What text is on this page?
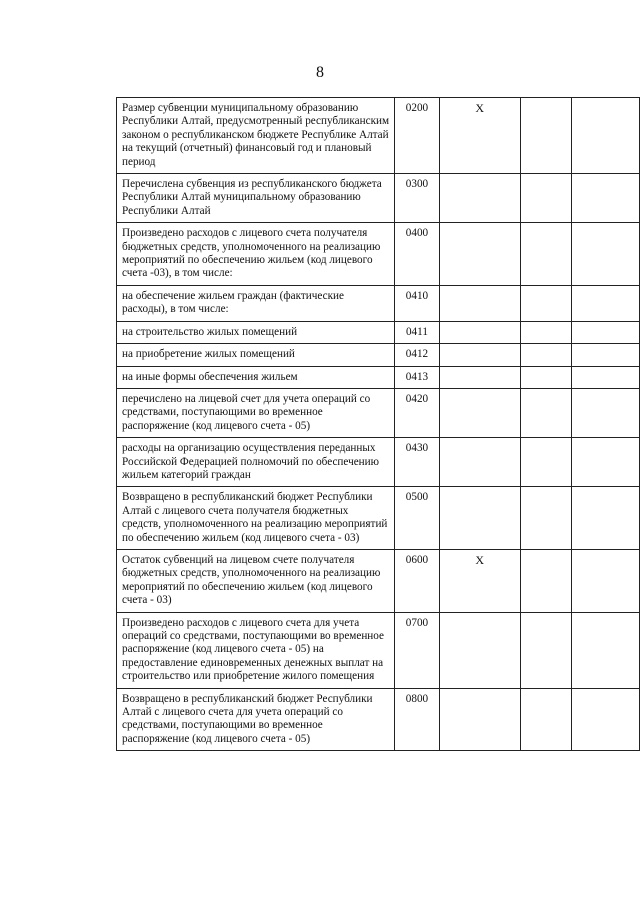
8
Размер субвенции муниципальному образованию Республики Алтай, предусмотренный республиканским законом о республиканском бюджете Республике Алтай на текущий (отчетный) финансовый год и плановый период	0200	X		
Перечислена субвенция из республиканского бюджета Республики Алтай муниципальному образованию Республики Алтай	0300			
Произведено расходов с лицевого счета получателя бюджетных средств, уполномоченного на реализацию мероприятий по обеспечению жильем (код лицевого счета -03), в том числе:	0400			
на обеспечение жильем граждан (фактические расходы), в том числе:	0410			
на строительство жилых помещений	0411			
на приобретение жилых помещений	0412			
на иные формы обеспечения жильем	0413			
перечислено на лицевой счет для учета операций со средствами, поступающими во временное распоряжение (код лицевого счета - 05)	0420			
расходы на организацию осуществления переданных Российской Федерацией полномочий по обеспечению жильем категорий граждан	0430			
Возвращено в республиканский бюджет Республики Алтай с лицевого счета получателя бюджетных средств, уполномоченного на реализацию мероприятий по обеспечению жильем (код лицевого счета - 03)	0500			
Остаток субвенций на лицевом счете получателя бюджетных средств, уполномоченного на реализацию мероприятий по обеспечению жильем (код лицевого счета - 03)	0600	X		
Произведено расходов с лицевого счета для учета операций со средствами, поступающими во временное распоряжение (код лицевого счета - 05) на предоставление единовременных денежных выплат на строительство или приобретение жилого помещения	0700			
Возвращено в республиканский бюджет Республики Алтай с лицевого счета для учета операций со средствами, поступающими во временное распоряжение (код лицевого счета - 05)	0800			
